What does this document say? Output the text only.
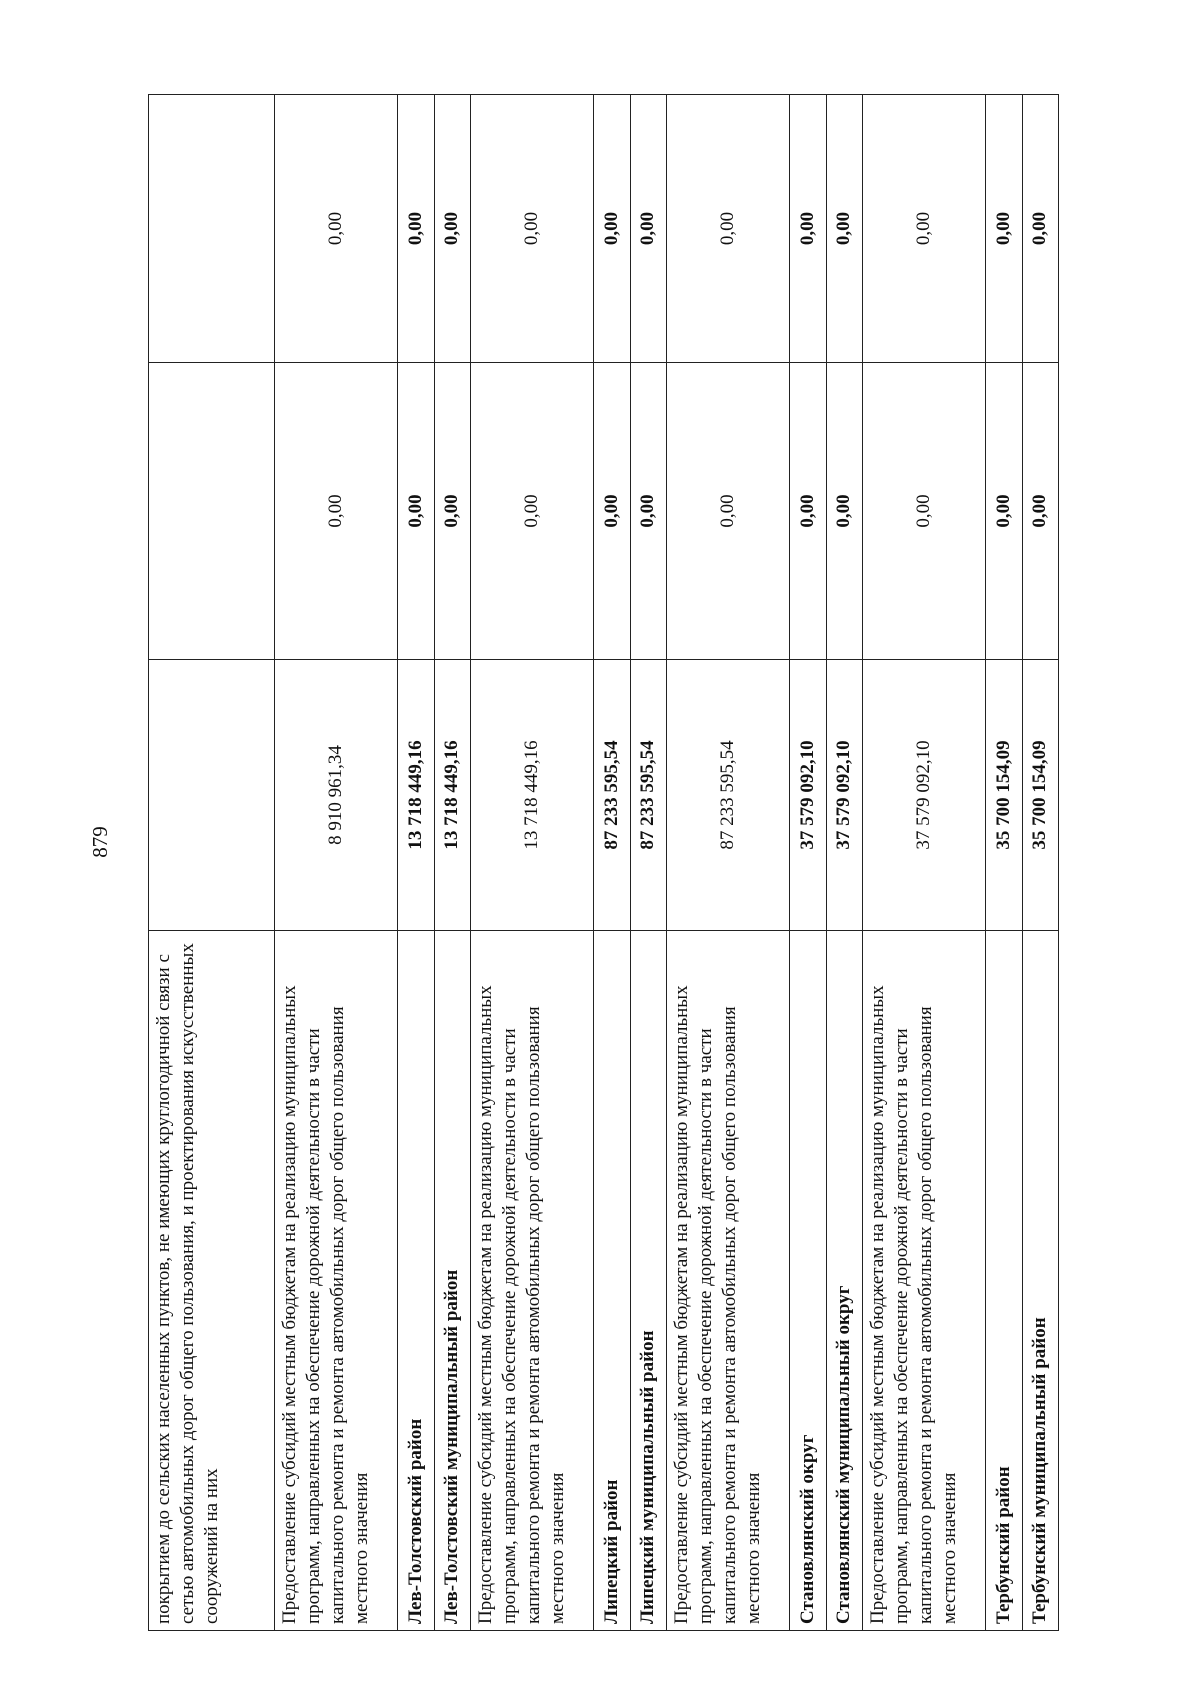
879
покрытием до сельских населенных пунктов, не имеющих круглогодичной связи с сетью автомобильных дорог общего пользования, и проектирования искусственных сооружений на них			
Предоставление субсидий местным бюджетам на реализацию муниципальных программ, направленных на обеспечение дорожной деятельности в части капитального ремонта и ремонта автомобильных дорог общего пользования местного значения	8 910 961,34	0,00	0,00
Лев-Толстовский район	13 718 449,16	0,00	0,00
Лев-Толстовский муниципальный район	13 718 449,16	0,00	0,00
Предоставление субсидий местным бюджетам на реализацию муниципальных программ, направленных на обеспечение дорожной деятельности в части капитального ремонта и ремонта автомобильных дорог общего пользования местного значения	13 718 449,16	0,00	0,00
Липецкий район	87 233 595,54	0,00	0,00
Липецкий муниципальный район	87 233 595,54	0,00	0,00
Предоставление субсидий местным бюджетам на реализацию муниципальных программ, направленных на обеспечение дорожной деятельности в части капитального ремонта и ремонта автомобильных дорог общего пользования местного значения	87 233 595,54	0,00	0,00
Становлянский округ	37 579 092,10	0,00	0,00
Становлянский муниципальный округ	37 579 092,10	0,00	0,00
Предоставление субсидий местным бюджетам на реализацию муниципальных программ, направленных на обеспечение дорожной деятельности в части капитального ремонта и ремонта автомобильных дорог общего пользования местного значения	37 579 092,10	0,00	0,00
Тербунский район	35 700 154,09	0,00	0,00
Тербунский муниципальный район	35 700 154,09	0,00	0,00
